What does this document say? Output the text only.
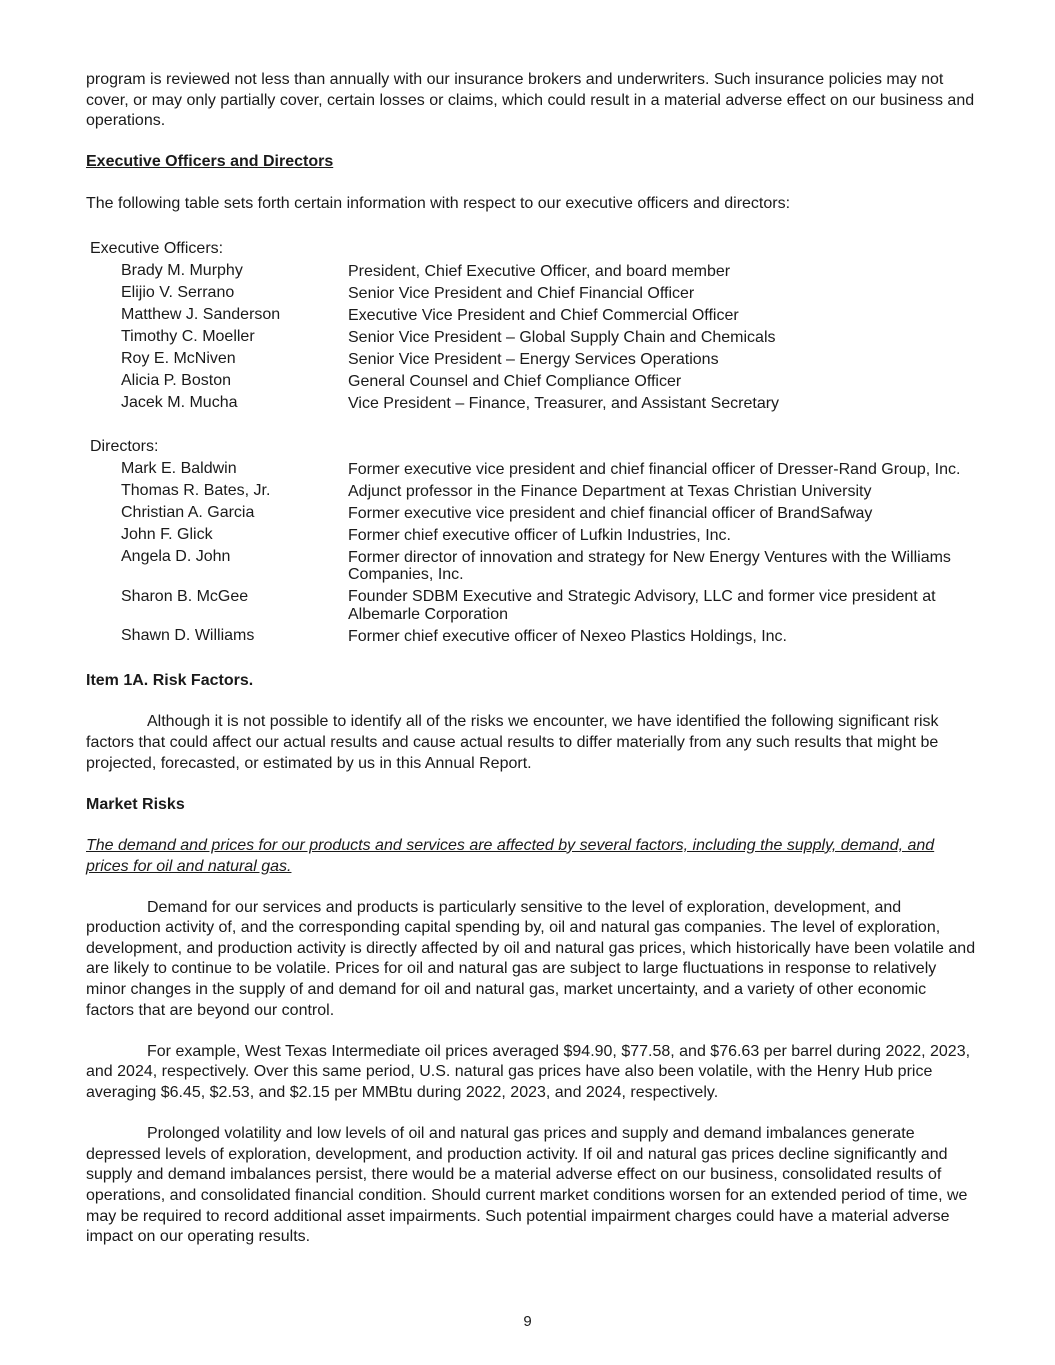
program is reviewed not less than annually with our insurance brokers and underwriters. Such insurance policies may not cover, or may only partially cover, certain losses or claims, which could result in a material adverse effect on our business and operations.

Executive Officers and Directors

The following table sets forth certain information with respect to our executive officers and directors:

Executive Officers:
Brady M. Murphy	President, Chief Executive Officer, and board member
Elijio V. Serrano	Senior Vice President and Chief Financial Officer
Matthew J. Sanderson	Executive Vice President and Chief Commercial Officer
Timothy C. Moeller	Senior Vice President – Global Supply Chain and Chemicals
Roy E. McNiven	Senior Vice President – Energy Services Operations
Alicia P. Boston	General Counsel and Chief Compliance Officer
Jacek M. Mucha	Vice President – Finance, Treasurer, and Assistant Secretary
Directors:
Mark E. Baldwin	Former executive vice president and chief financial officer of Dresser-Rand Group, Inc.
Thomas R. Bates, Jr.	Adjunct professor in the Finance Department at Texas Christian University
Christian A. Garcia	Former executive vice president and chief financial officer of BrandSafway
John F. Glick	Former chief executive officer of Lufkin Industries, Inc.
Angela D. John	Former director of innovation and strategy for New Energy Ventures with the Williams Companies, Inc.
Sharon B. McGee	Founder SDBM Executive and Strategic Advisory, LLC and former vice president at Albemarle Corporation
Shawn D. Williams	Former chief executive officer of Nexeo Plastics Holdings, Inc.

Item 1A. Risk Factors.

Although it is not possible to identify all of the risks we encounter, we have identified the following significant risk factors that could affect our actual results and cause actual results to differ materially from any such results that might be projected, forecasted, or estimated by us in this Annual Report.

Market Risks

The demand and prices for our products and services are affected by several factors, including the supply, demand, and prices for oil and natural gas.

Demand for our services and products is particularly sensitive to the level of exploration, development, and production activity of, and the corresponding capital spending by, oil and natural gas companies. The level of exploration, development, and production activity is directly affected by oil and natural gas prices, which historically have been volatile and are likely to continue to be volatile. Prices for oil and natural gas are subject to large fluctuations in response to relatively minor changes in the supply of and demand for oil and natural gas, market uncertainty, and a variety of other economic factors that are beyond our control.

For example, West Texas Intermediate oil prices averaged $94.90, $77.58, and $76.63 per barrel during 2022, 2023, and 2024, respectively. Over this same period, U.S. natural gas prices have also been volatile, with the Henry Hub price averaging $6.45, $2.53, and $2.15 per MMBtu during 2022, 2023, and 2024, respectively.

Prolonged volatility and low levels of oil and natural gas prices and supply and demand imbalances generate depressed levels of exploration, development, and production activity. If oil and natural gas prices decline significantly and supply and demand imbalances persist, there would be a material adverse effect on our business, consolidated results of operations, and consolidated financial condition. Should current market conditions worsen for an extended period of time, we may be required to record additional asset impairments. Such potential impairment charges could have a material adverse impact on our operating results.

9
